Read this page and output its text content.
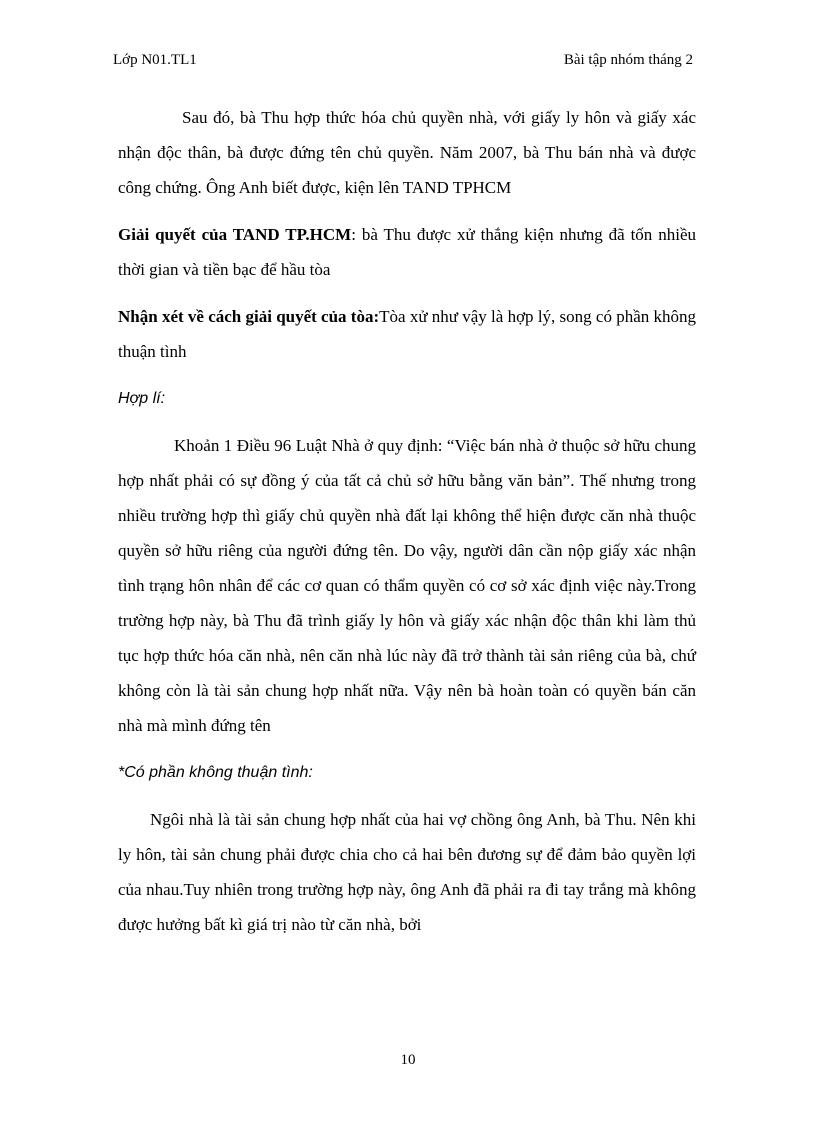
Lớp N01.TL1	Bài tập nhóm tháng 2

Sau đó, bà Thu hợp thức hóa chủ quyền nhà, với giấy ly hôn và giấy xác nhận độc thân, bà được đứng tên chủ quyền. Năm 2007, bà Thu bán nhà và được công chứng. Ông Anh biết được, kiện lên TAND TPHCM

Giải quyết của TAND TP.HCM: bà Thu được xử thắng kiện nhưng đã tốn nhiều thời gian và tiền bạc để hầu tòa

Nhận xét về cách giải quyết của tòa:Tòa xử như vậy là hợp lý, song có phần không thuận tình

Hợp lí:

Khoản 1 Điều 96 Luật Nhà ở quy định: “Việc bán nhà ở thuộc sở hữu chung hợp nhất phải có sự đồng ý của tất cả chủ sở hữu bằng văn bản”. Thế nhưng trong nhiều trường hợp thì giấy chủ quyền nhà đất lại không thể hiện được căn nhà thuộc quyền sở hữu riêng của người đứng tên. Do vậy, người dân cần nộp giấy xác nhận tình trạng hôn nhân để các cơ quan có thẩm quyền có cơ sở xác định việc này.Trong trường hợp này, bà Thu đã trình giấy ly hôn và giấy xác nhận độc thân khi làm thủ tục hợp thức hóa căn nhà, nên căn nhà lúc này đã trở thành tài sản riêng của bà, chứ không còn là tài sản chung hợp nhất nữa. Vậy nên bà hoàn toàn có quyền bán căn nhà mà mình đứng tên

*Có phần không thuận tình:

Ngôi nhà là tài sản chung hợp nhất của hai vợ chồng ông Anh, bà Thu. Nên khi ly hôn, tài sản chung phải được chia cho cả hai bên đương sự để đảm bảo quyền lợi của nhau.Tuy nhiên trong trường hợp này, ông Anh đã phải ra đi tay trắng mà không được hưởng bất kì giá trị nào từ căn nhà, bởi

10
